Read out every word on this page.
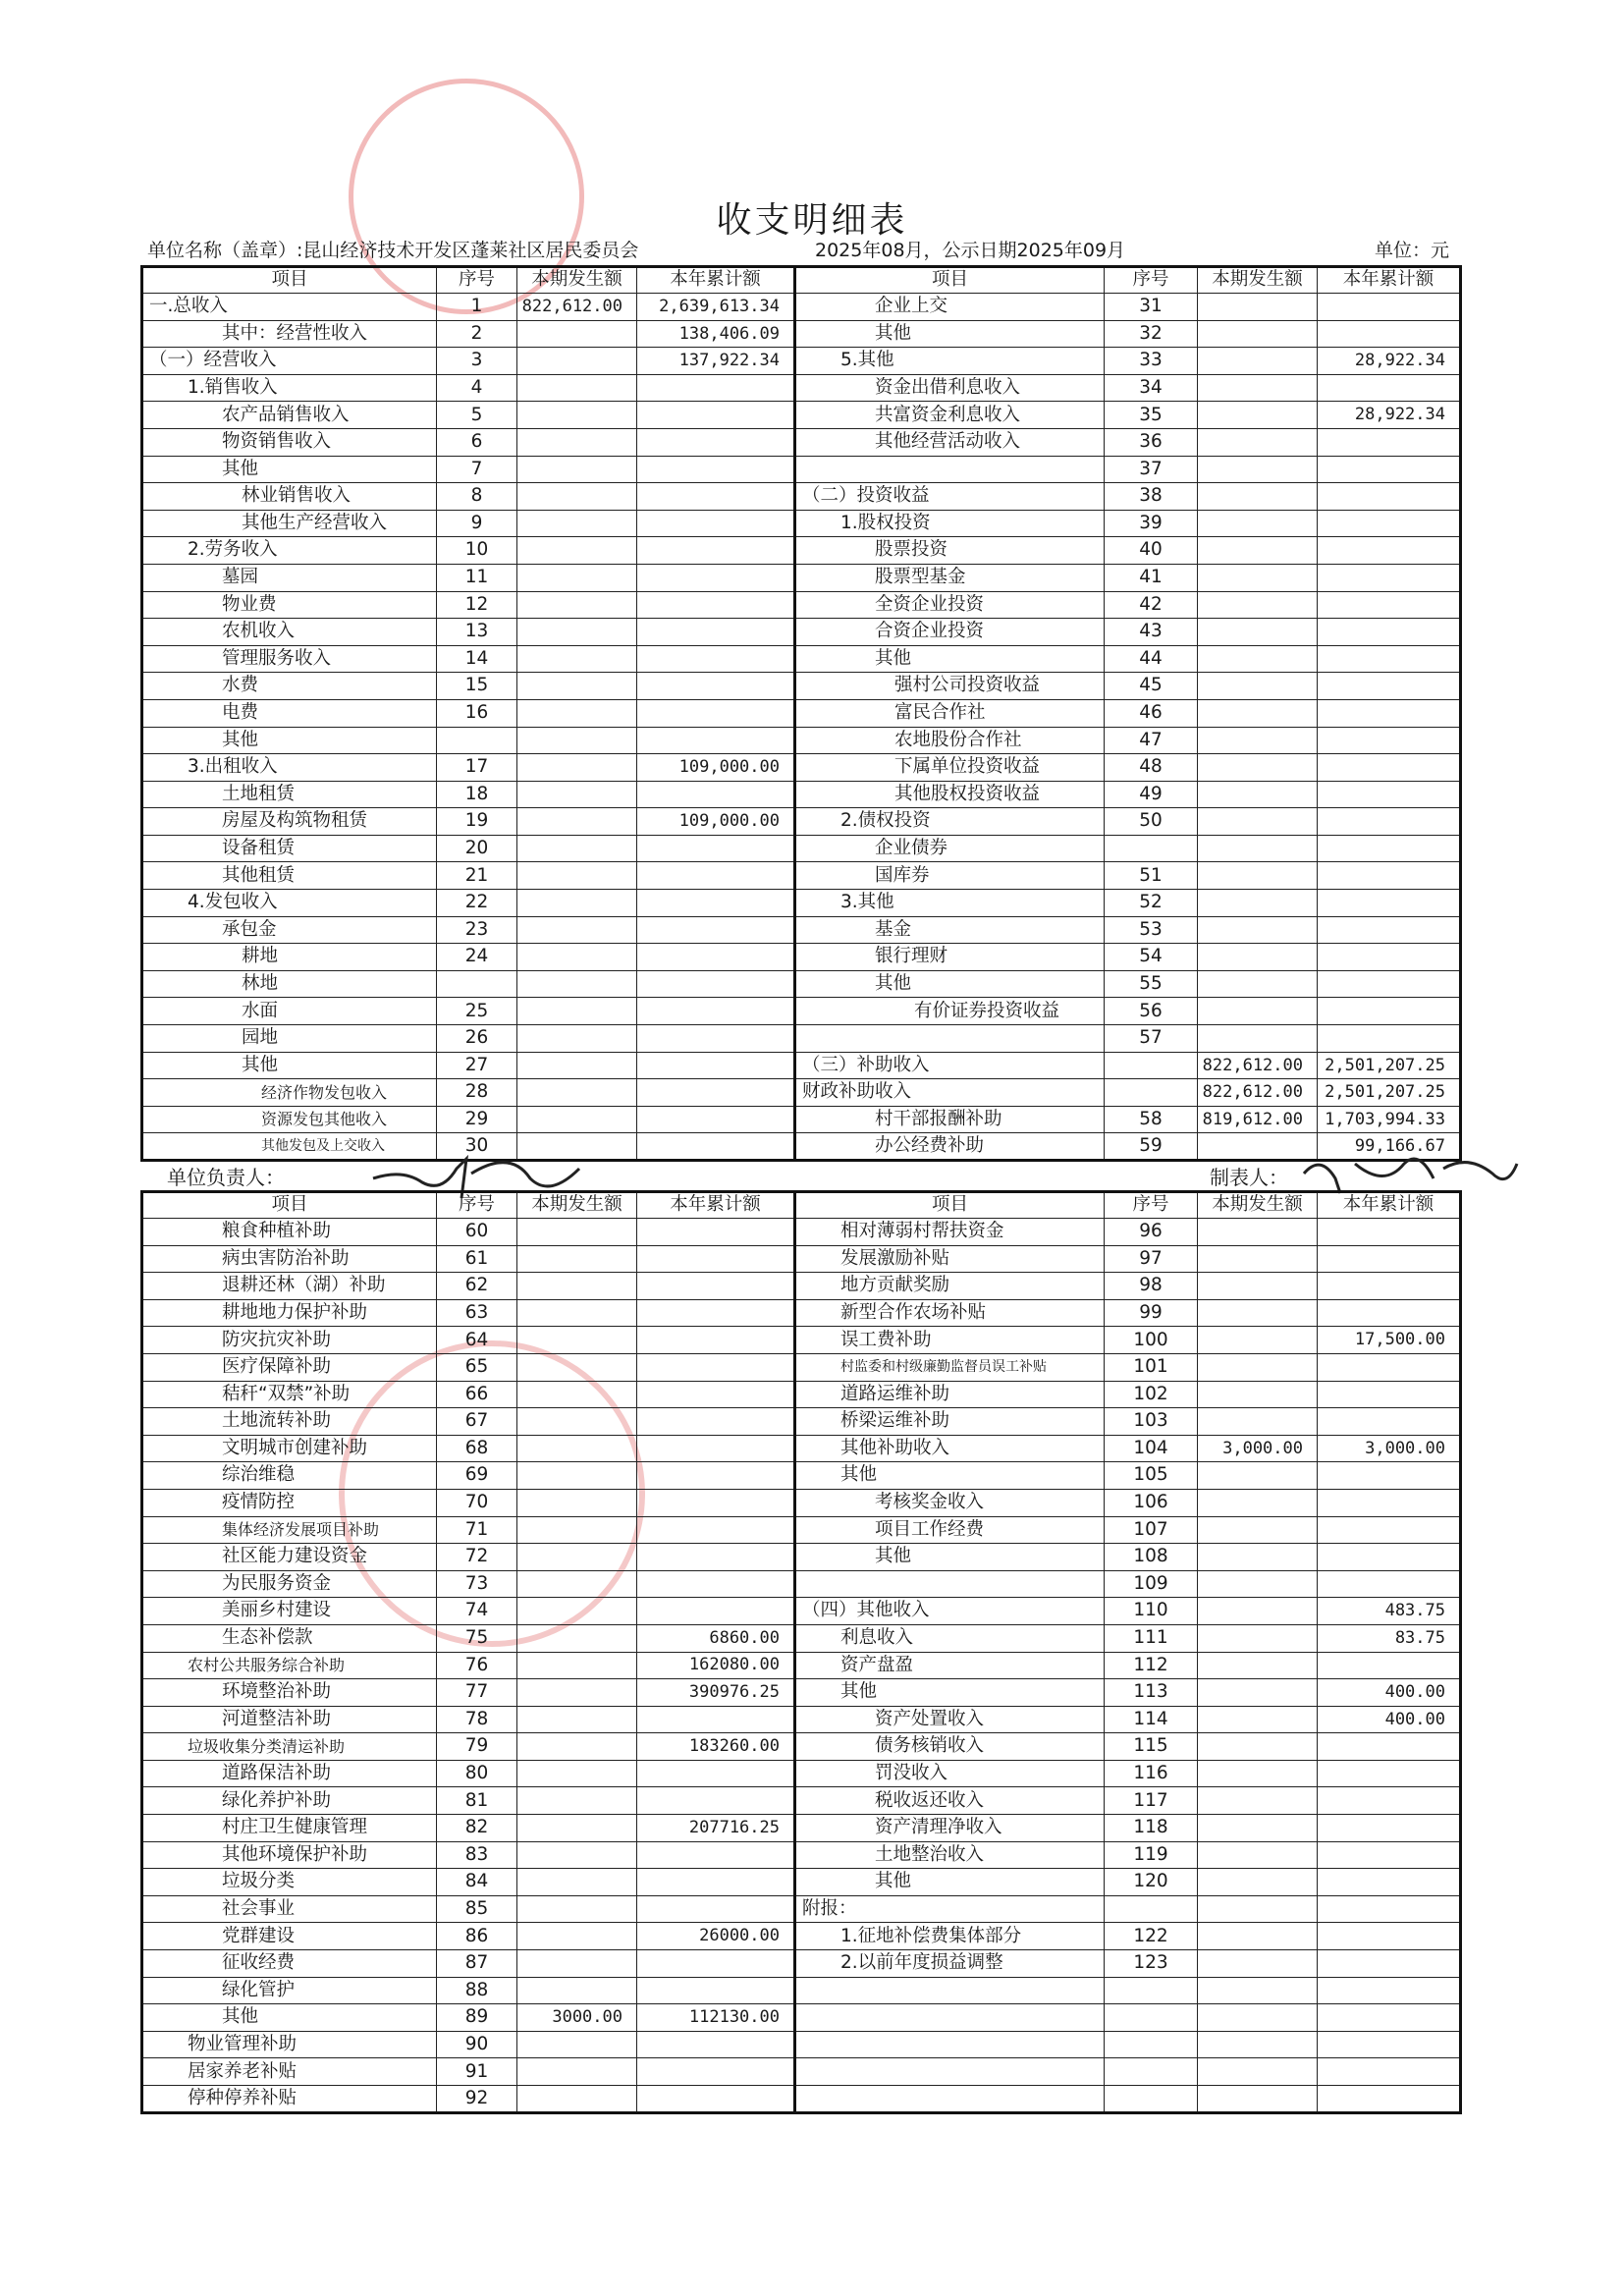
收支明细表
单位名称（盖章）:昆山经济技术开发区蓬莱社区居民委员会	2025年08月，公示日期2025年09月	单位：元
项目	序号	本期发生额	本年累计额	项目	序号	本期发生额	本年累计额
一.总收入	1	822,612.00	2,639,613.34	企业上交	31		
其中：经营性收入	2		138,406.09	其他	32		
（一）经营收入	3		137,922.34	5.其他	33		28,922.34
1.销售收入	4			资金出借利息收入	34		
农产品销售收入	5			共富资金利息收入	35		28,922.34
物资销售收入	6			其他经营活动收入	36		
其他	7				37		
林业销售收入	8			（二）投资收益	38		
其他生产经营收入	9			1.股权投资	39		
2.劳务收入	10			股票投资	40		
墓园	11			股票型基金	41		
物业费	12			全资企业投资	42		
农机收入	13			合资企业投资	43		
管理服务收入	14			其他	44		
水费	15			强村公司投资收益	45		
电费	16			富民合作社	46		
其他				农地股份合作社	47		
3.出租收入	17		109,000.00	下属单位投资收益	48		
土地租赁	18			其他股权投资收益	49		
房屋及构筑物租赁	19		109,000.00	2.债权投资	50		
设备租赁	20			企业债券			
其他租赁	21			国库券	51		
4.发包收入	22			3.其他	52		
承包金	23			基金	53		
耕地	24			银行理财	54		
林地				其他	55		
水面	25			有价证券投资收益	56		
园地	26				57		
其他	27			（三）补助收入		822,612.00	2,501,207.25
经济作物发包收入	28			财政补助收入		822,612.00	2,501,207.25
资源发包其他收入	29			村干部报酬补助	58	819,612.00	1,703,994.33
其他发包及上交收入	30			办公经费补助	59		99,166.67
单位负责人：	制表人：
项目	序号	本期发生额	本年累计额	项目	序号	本期发生额	本年累计额
粮食种植补助	60			相对薄弱村帮扶资金	96		
病虫害防治补助	61			发展激励补贴	97		
退耕还林（湖）补助	62			地方贡献奖励	98		
耕地地力保护补助	63			新型合作农场补贴	99		
防灾抗灾补助	64			误工费补助	100		17,500.00
医疗保障补助	65			村监委和村级廉勤监督员误工补贴	101		
秸秆“双禁”补助	66			道路运维补助	102		
土地流转补助	67			桥梁运维补助	103		
文明城市创建补助	68			其他补助收入	104	3,000.00	3,000.00
综治维稳	69			其他	105		
疫情防控	70			考核奖金收入	106		
集体经济发展项目补助	71			项目工作经费	107		
社区能力建设资金	72			其他	108		
为民服务资金	73				109		
美丽乡村建设	74			（四）其他收入	110		483.75
生态补偿款	75		6860.00	利息收入	111		83.75
农村公共服务综合补助	76		162080.00	资产盘盈	112		
环境整治补助	77		390976.25	其他	113		400.00
河道整洁补助	78			资产处置收入	114		400.00
垃圾收集分类清运补助	79		183260.00	债务核销收入	115		
道路保洁补助	80			罚没收入	116		
绿化养护补助	81			税收返还收入	117		
村庄卫生健康管理	82		207716.25	资产清理净收入	118		
其他环境保护补助	83			土地整治收入	119		
垃圾分类	84			其他	120		
社会事业	85			附报：			
党群建设	86		26000.00	1.征地补偿费集体部分	122		
征收经费	87			2.以前年度损益调整	123		
绿化管护	88						
其他	89	3000.00	112130.00				
物业管理补助	90						
居家养老补贴	91						
停种停养补贴	92						
